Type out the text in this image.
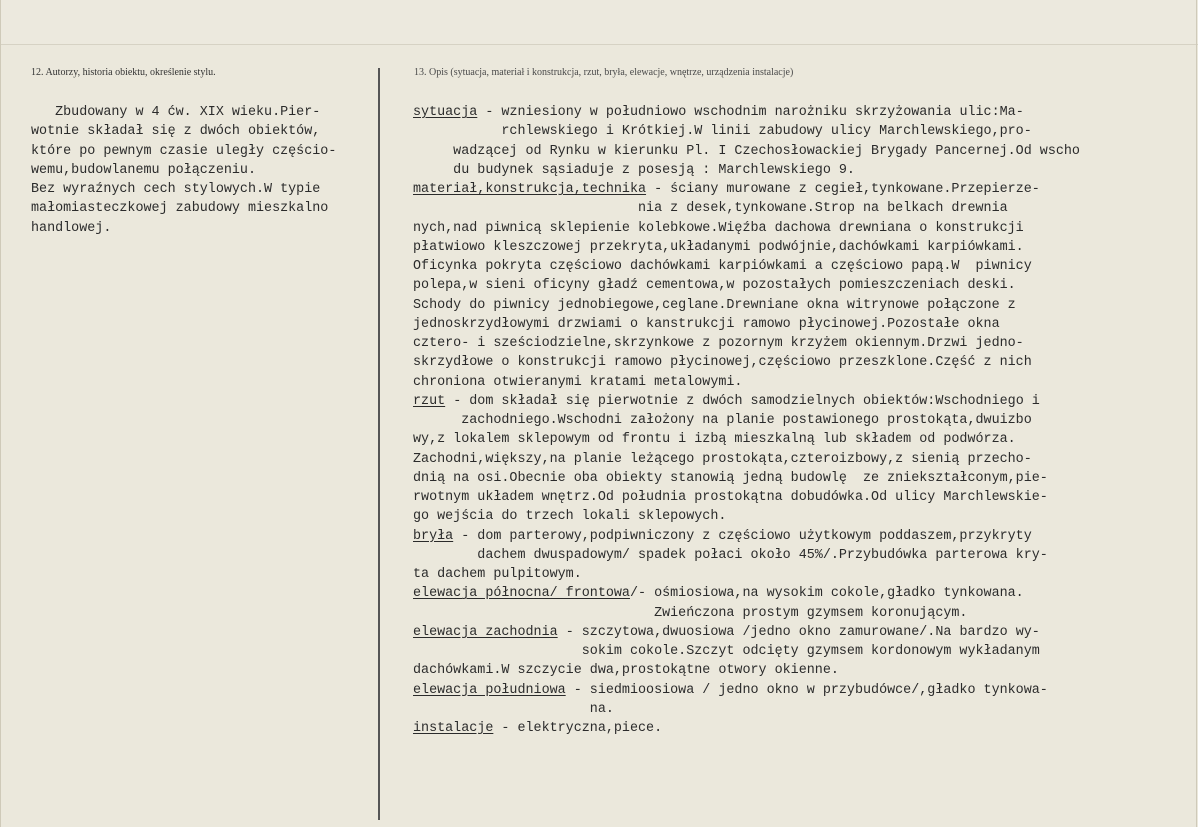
12. Autorzy, historia obiektu, określenie stylu.	13. Opis (sytuacja, materiał i konstrukcja, rzut, bryła, elewacje, wnętrze, urządzenia instalacje)
Zbudowany w 4 ćw. XIX wieku.Pier-
wotnie składał się z dwóch obiektów,
które po pewnym czasie uległy częścio-
wemu,budowlanemu połączeniu.
Bez wyraźnych cech stylowych.W typie
małomiasteczkowej zabudowy mieszkalno
handlowej.
sytuacja - wzniesiony w południowo wschodnim narożniku skrzyżowania ulic:Ma-
rchlewskiego i Krótkiej.W linii zabudowy ulicy Marchlewskiego,pro-
wadzącej od Rynku w kierunku Pl. I Czechosłowackiej Brygady Pancernej.Od wscho
du budynek sąsiaduje z posesją : Marchlewskiego 9.
materiał,konstrukcja,technika - ściany murowane z cegieł,tynkowane.Przepierze-
nia z desek,tynkowane.Strop na belkach drewnia
nych,nad piwnicą sklepienie kolebkowe.Więźba dachowa drewniana o konstrukcji
płatwiowo kleszczowej przekryta,układanymi podwójnie,dachówkami karpiówkami.
Oficynka pokryta częściowo dachówkami karpiówkami a częściowo papą.W  piwnicy
polepa,w sieni oficyny gładź cementowa,w pozostałych pomieszczeniach deski.
Schody do piwnicy jednobiegowe,ceglane.Drewniane okna witrynowe połączone z
jednoskrzydłowymi drzwiami o kanstrukcji ramowo płycinowej.Pozostałe okna
cztero- i sześciodzielne,skrzynkowe z pozornym krzyżem okiennym.Drzwi jedno-
skrzydłowe o konstrukcji ramowo płycinowej,częściowo przeszklone.Część z nich
chroniona otwieranymi kratami metalowymi.
rzut - dom składał się pierwotnie z dwóch samodzielnych obiektów:Wschodniego i
zachodniego.Wschodni założony na planie postawionego prostokąta,dwuizbo
wy,z lokalem sklepowym od frontu i izbą mieszkalną lub składem od podwórza.
Zachodni,większy,na planie leżącego prostokąta,czteroizbowy,z sienią przecho-
dnią na osi.Obecnie oba obiekty stanowią jedną budowlę  ze zniekształconym,pie-
rwotnym układem wnętrz.Od południa prostokątna dobudówka.Od ulicy Marchlewskie-
go wejścia do trzech lokali sklepowych.
bryła - dom parterowy,podpiwniczony z częściowo użytkowym poddaszem,przykryty
dachem dwuspadowym/ spadek połaci około 45%/.Przybudówka parterowa kry-
ta dachem pulpitowym.
elewacja północna/ frontowa/- ośmiosiowa,na wysokim cokole,gładko tynkowana.
Zwieńczona prostym gzymsem koronującym.
elewacja zachodnia - szczytowa,dwuosiowa /jedno okno zamurowane/.Na bardzo wy-
sokim cokole.Szczyt odcięty gzymsem kordonowym wykładanym
dachówkami.W szczycie dwa,prostokątne otwory okienne.
elewacja południowa - siedmioosiowa / jedno okno w przybudówce/,gładko tynkowa-
na.
instalacje - elektryczna,piece.
